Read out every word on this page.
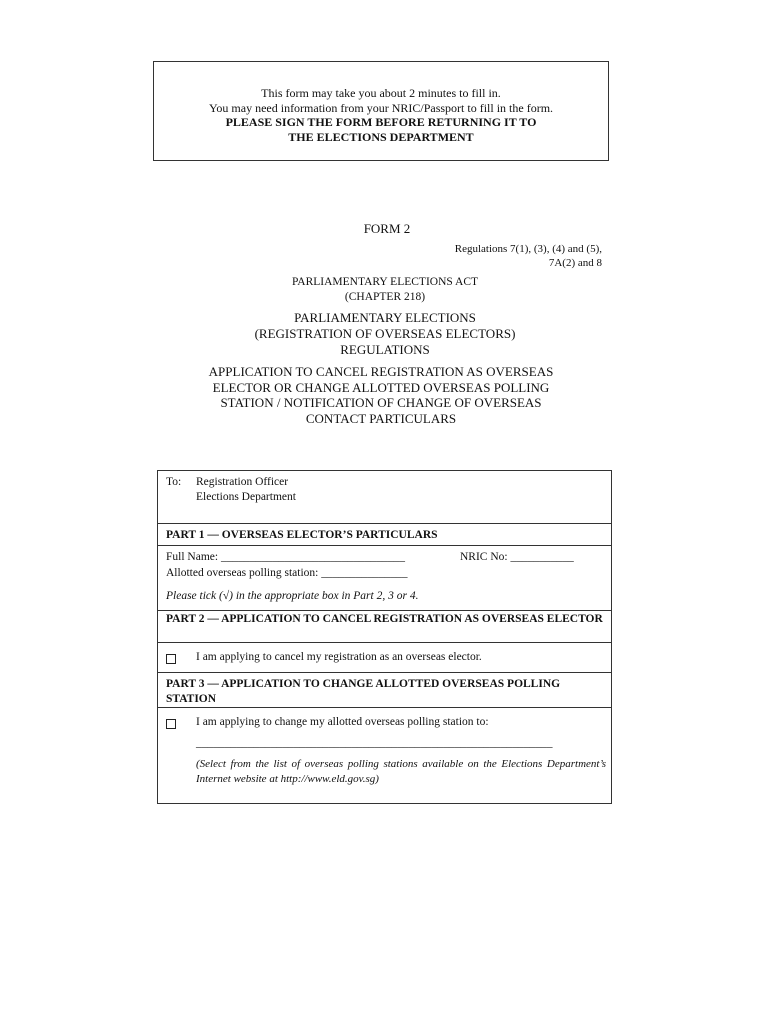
This form may take you about 2 minutes to fill in.
You may need information from your NRIC/Passport to fill in the form.
PLEASE SIGN THE FORM BEFORE RETURNING IT TO
THE ELECTIONS DEPARTMENT
FORM 2
Regulations 7(1), (3), (4) and (5),
7A(2) and 8
PARLIAMENTARY ELECTIONS ACT
(CHAPTER 218)
PARLIAMENTARY ELECTIONS
(REGISTRATION OF OVERSEAS ELECTORS)
REGULATIONS
APPLICATION TO CANCEL REGISTRATION AS OVERSEAS ELECTOR OR CHANGE ALLOTTED OVERSEAS POLLING STATION / NOTIFICATION OF CHANGE OF OVERSEAS CONTACT PARTICULARS
To: Registration Officer
Elections Department
PART 1 — OVERSEAS ELECTOR’S PARTICULARS
Full Name: ________________________________	NRIC No: ___________
Allotted overseas polling station: _______________
Please tick (√) in the appropriate box in Part 2, 3 or 4.
PART 2 — APPLICATION TO CANCEL REGISTRATION AS OVERSEAS ELECTOR
I am applying to cancel my registration as an overseas elector.
PART 3 — APPLICATION TO CHANGE ALLOTTED OVERSEAS POLLING STATION
I am applying to change my allotted overseas polling station to:
______________________________________________________________
(Select from the list of overseas polling stations available on the Elections Department’s Internet website at http://www.eld.gov.sg)
